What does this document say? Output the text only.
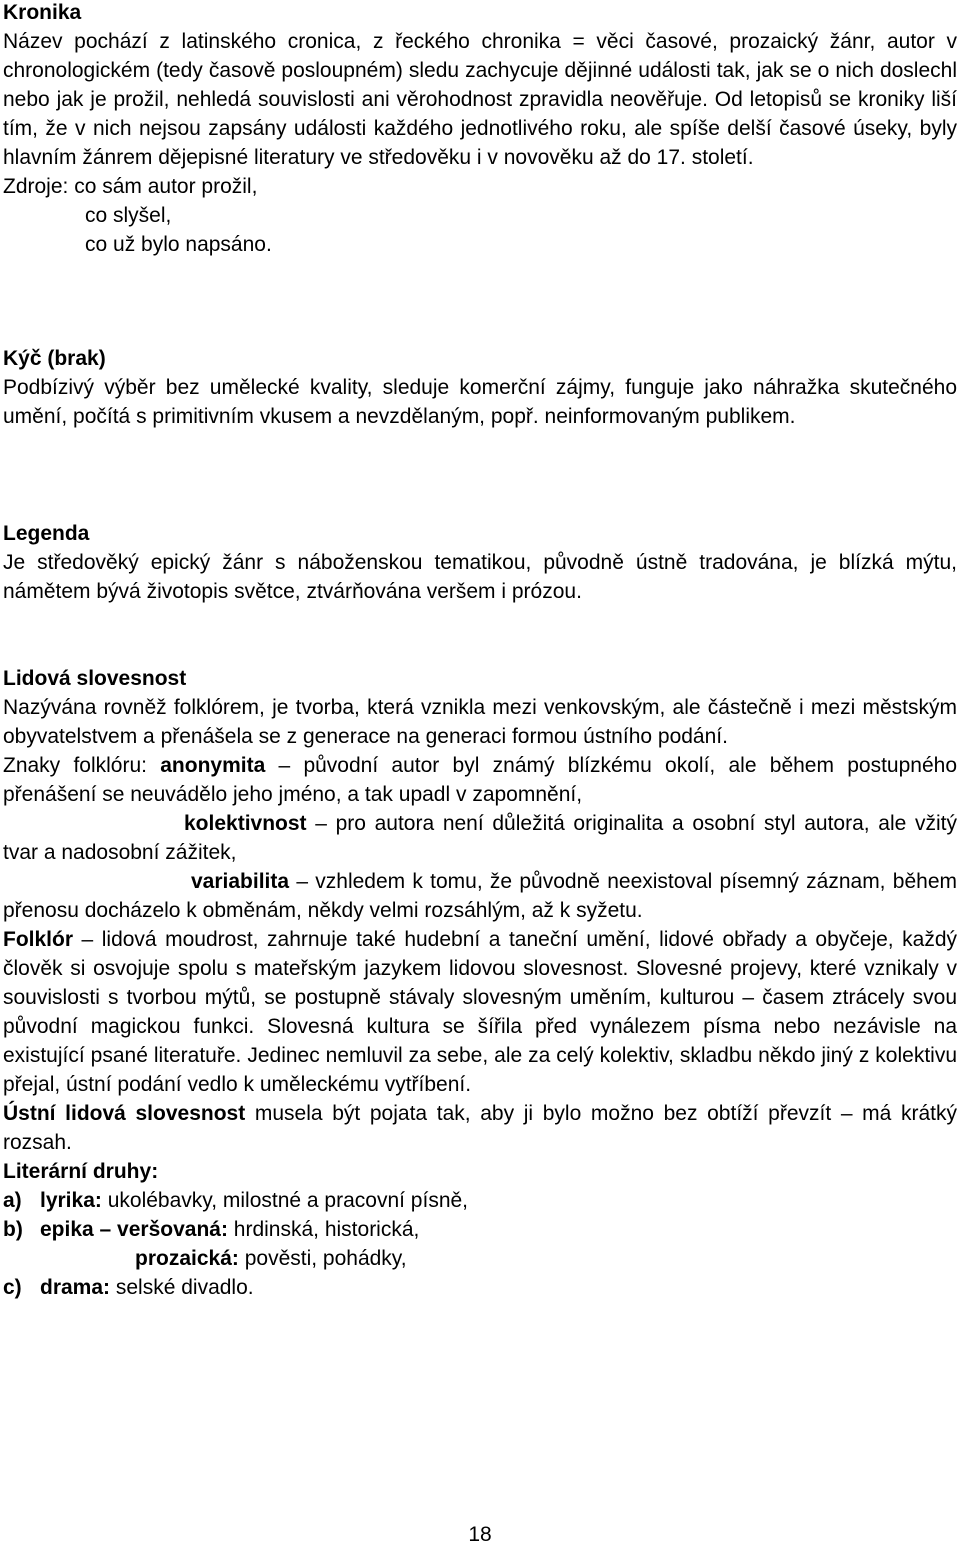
Kronika

Název pochází z latinského cronica, z řeckého chronika = věci časové, prozaický žánr, autor v chronologickém (tedy časově posloupném) sledu zachycuje dějinné události tak, jak se o nich doslechl nebo jak je prožil, nehledá souvislosti ani věrohodnost zpravidla neověřuje. Od letopisů se kroniky liší tím, že v nich nejsou zapsány události každého jednotlivého roku, ale spíše delší časové úseky, byly hlavním žánrem dějepisné literatury ve středověku i v novověku až do 17. století.

Zdroje: co sám autor prožil,

co slyšel,

co už bylo napsáno.

Kýč (brak)

Podbízivý výběr bez umělecké kvality, sleduje komerční zájmy, funguje jako náhražka skutečného umění, počítá s primitivním vkusem a nevzdělaným, popř. neinformovaným publikem.

Legenda

Je středověký epický žánr s náboženskou tematikou, původně ústně tradována, je blízká mýtu, námětem bývá životopis světce, ztvárňována veršem i prózou.

Lidová slovesnost

Nazývána rovněž folklórem, je tvorba, která vznikla mezi venkovským, ale částečně i mezi městským obyvatelstvem a přenášela se z generace na generaci formou ústního podání.

Znaky folklóru: anonymita – původní autor byl známý blízkému okolí, ale během postupného přenášení se neuvádělo jeho jméno, a tak upadl v zapomnění,

kolektivnost – pro autora není důležitá originalita a osobní styl autora, ale vžitý tvar a nadosobní zážitek,

variabilita – vzhledem k tomu, že původně neexistoval písemný záznam, během přenosu docházelo k obměnám, někdy velmi rozsáhlým, až k syžetu.

Folklór – lidová moudrost, zahrnuje také hudební a taneční umění, lidové obřady a obyčeje, každý člověk si osvojuje spolu s mateřským jazykem lidovou slovesnost. Slovesné projevy, které vznikaly v souvislosti s tvorbou mýtů, se postupně stávaly slovesným uměním, kulturou – časem ztrácely svou původní magickou funkci. Slovesná kultura se šířila před vynálezem písma nebo nezávisle na existující psané literatuře. Jedinec nemluvil za sebe, ale za celý kolektiv, skladbu někdo jiný z kolektivu přejal, ústní podání vedlo k uměleckému vytříbení.

Ústní lidová slovesnost musela být pojata tak, aby ji bylo možno bez obtíží převzít – má krátký rozsah.

Literární druhy:

a) lyrika: ukolébavky, milostné a pracovní písně,
b) epika – veršovaná: hrdinská, historická,

prozaická: pověsti, pohádky,

c) drama: selské divadlo.
18
